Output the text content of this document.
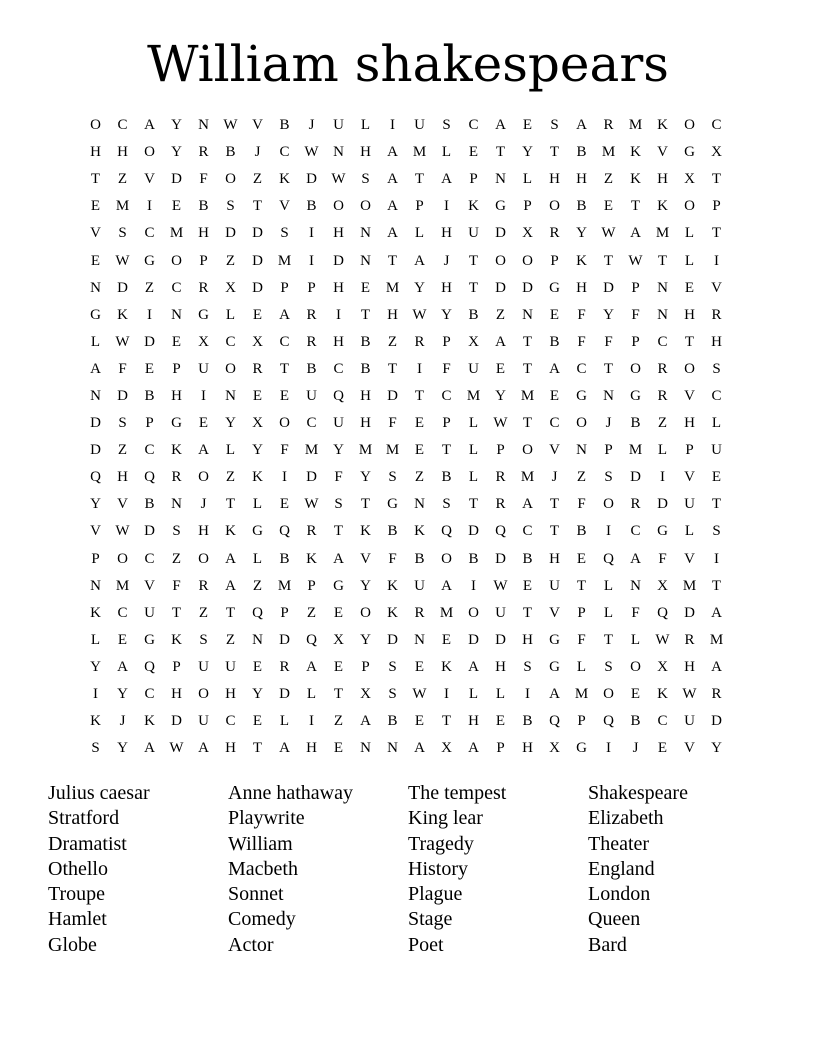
William shakespears
O	C	A	Y	N W V	B	J	U	L	I	U	S	C	A	E	S	A	R	M K	O	C
H	H	O	Y	R	B	J	C W N	H	A M	L	E	T	Y	T	B	M K	V	G	X
T	Z	V	D	F	O	Z	K	D W	S	A	T	A	P	N	L	H	H	Z	K	H	X	T
E	M	I	E	B	S	T	V	B	O	O	A	P	I	K	G	P	O	B	E	T	K	O	P
V	S	C	M H	D	D	S	I	H	N	A	L	H	U	D	X	R	Y W A M	L	T
E	W G	O	P	Z	D M	I	D	N	T	A	J	T	O	O	P	K	T	W	T	L	I
N	D	Z	C	R	X	D	P	P	H	E	M Y	H	T	D	D	G	H	D	P	N	E	V
G	K	I	N	G	L	E	A	R	I	T	H W Y	B	Z	N	E	F	Y	F	N	H	R
L	W D	E	X	C	X	C	R	H	B	Z	R	P	X	A	T	B	F	F	P	C	T	H
A	F	E	P	U	O	R	T	B	C	B	T	I	F	U	E	T	A	C	T	O	R	O	S
N	D	B	H	I	N	E	E	U	Q	H	D	T	C	M Y M	E	G	N	G	R	V	C
D	S	P	G	E	Y	X	O	C	U	H	F	E	P	L	W	T	C	O	J	B	Z	H	L
D	Z	C	K	A	L	Y	F	M Y M M	E	T	L	P	O	V	N	P	M	L	P	U
Q	H	Q	R	O	Z	K	I	D	F	Y	S	Z	B	L	R	M	J	Z	S	D	I	V	E
Y	V	B	N	J	T	L	E	W	S	T	G	N	S	T	R	A	T	F	O	R	D	U	T
V W D	S	H	K	G	Q	R	T	K	B	K	Q	D	Q	C	T	B	I	C	G	L	S
P	O	C	Z	O	A	L	B	K	A	V	F	B	O	B	D	B	H	E	Q	A	F	V	I
N M V	F	R	A	Z	M	P	G	Y	K	U	A	I	W	E	U	T	L	N	X M	T
K	C	U	T	Z	T	Q	P	Z	E	O	K	R	M O	U	T	V	P	L	F	Q	D	A
L	E	G	K	S	Z	N	D	Q	X	Y	D	N	E	D	D	H	G	F	T	L	W R	M
Y	A	Q	P	U	U	E	R	A	E	P	S	E	K	A	H	S	G	L	S	O	X	H	A
I	Y	C	H	O	H	Y	D	L	T	X	S	W	I	L	L	I	A M O	E	K W R
K	J	K	D	U	C	E	L	I	Z	A	B	E	T	H	E	B	Q	P	Q	B	C	U	D
S	Y	A W A	H	T	A	H	E	N	N	A	X	A	P	H	X	G	I	J	E	V	Y
Julius caesar
Stratford
Dramatist
Othello
Troupe
Hamlet
Globe
Anne hathaway
Playwrite
William
Macbeth
Sonnet
Comedy
Actor
The tempest
King lear
Tragedy
History
Plague
Stage
Poet
Shakespeare
Elizabeth
Theater
England
London
Queen
Bard
